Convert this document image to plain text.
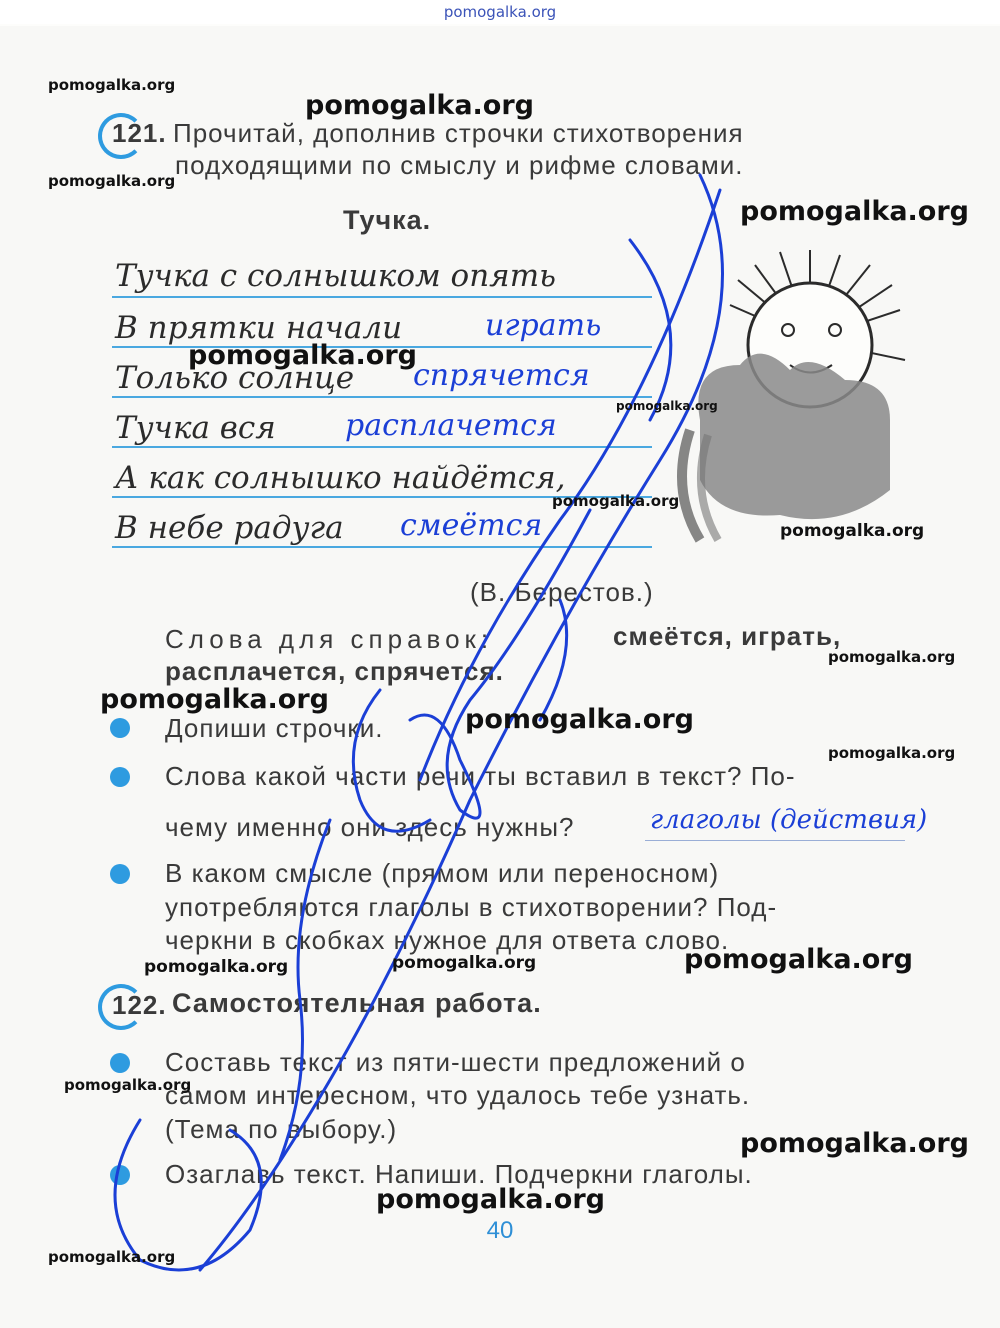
pomogalka.org
121. Прочитай, дополнив строчки стихотворения
подходящими по смыслу и рифме словами.
Тучка.
Тучка с солнышком опять
В прятки начали	играть
Только солнце спрячется
Тучка вся расплачется
А как солнышко найдётся,
В небе радуга смеётся
(В. Берестов.)
Слова для справок:	смеётся, играть,
расплачется, спрячется.
Допиши строчки.
Слова какой части речи ты вставил в текст? По-
чему именно они здесь нужны?	глаголы (действия)
В каком смысле (прямом или переносном)
употребляются глаголы в стихотворении? Под-
черкни в скобках нужное для ответа слово.
122. Самостоятельная работа.
Составь текст из пяти-шести предложений о
самом интересном, что удалось тебе узнать.
(Тема по выбору.)
Озаглавь текст. Напиши. Подчеркни глаголы.
40
pomogalka.org
pomogalka.org
pomogalka.org
pomogalka.org
pomogalka.org
pomogalka.org
pomogalka.org
pomogalka.org
pomogalka.org
pomogalka.org
pomogalka.org
pomogalka.org
pomogalka.org	pomogalka.org	pomogalka.org
pomogalka.org
pomogalka.org
pomogalka.org
pomogalka.org
